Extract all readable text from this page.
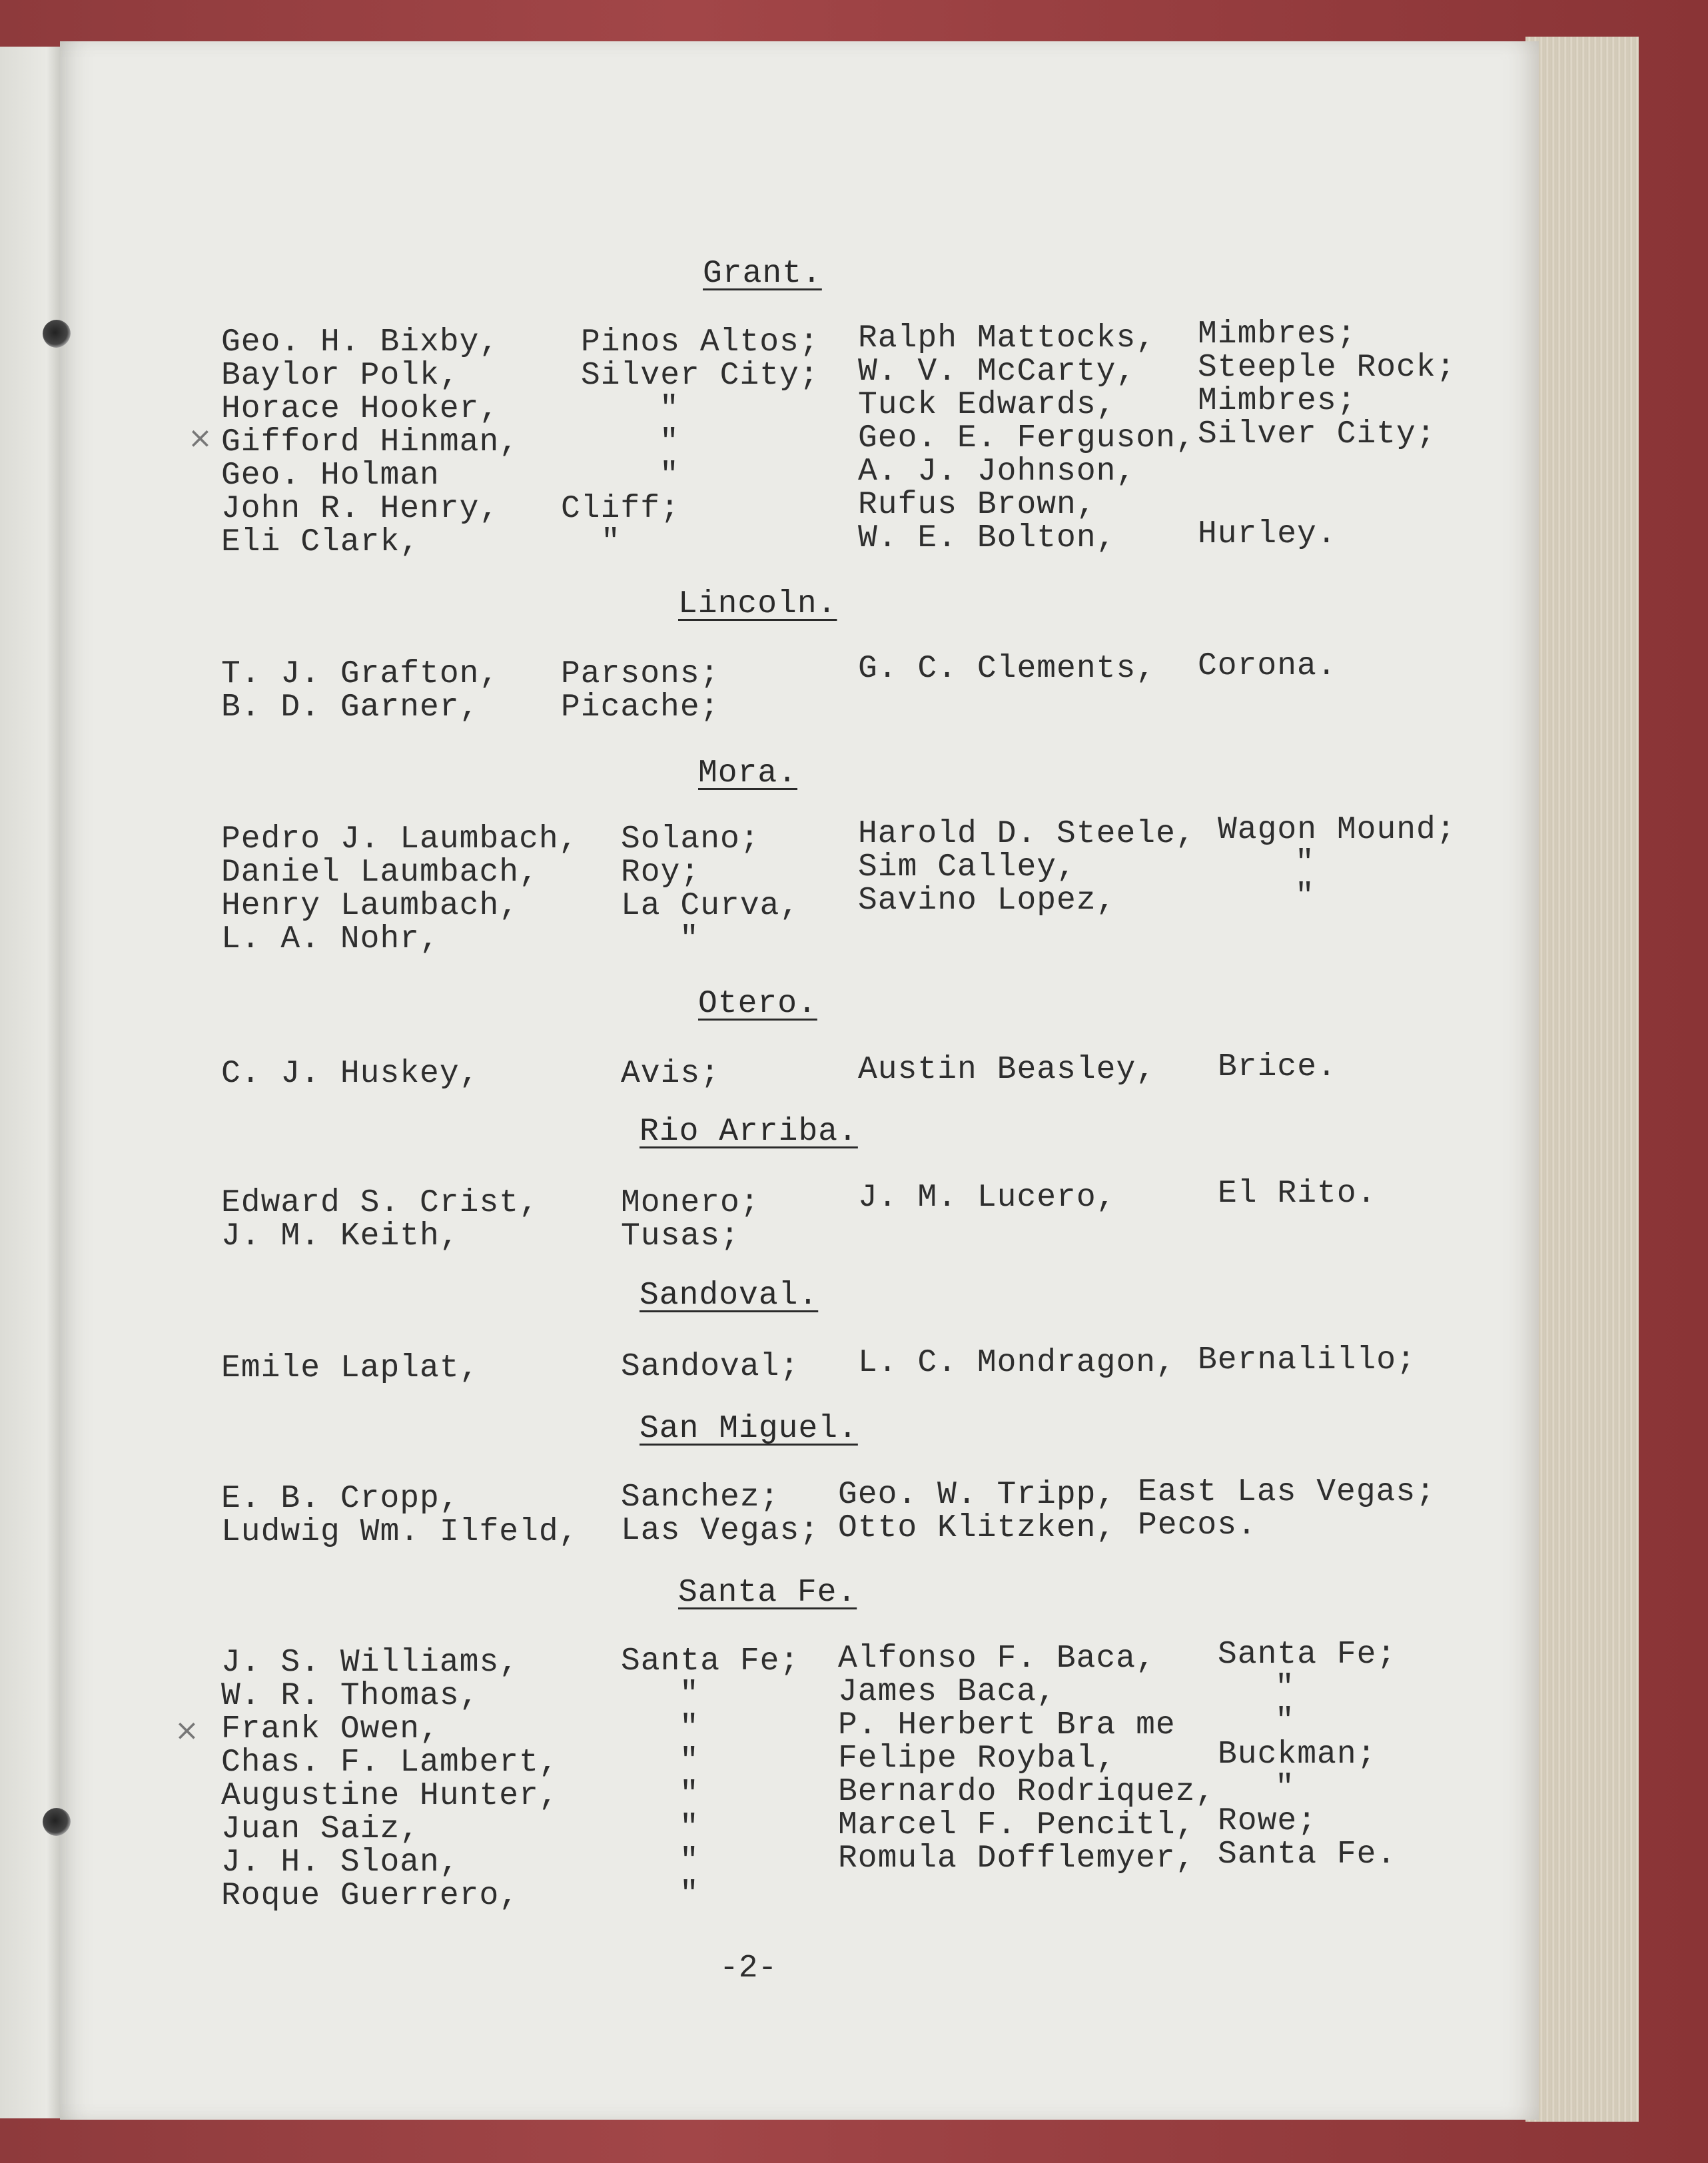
Grant.
Lincoln.
Mora.
Otero.
Rio Arriba.
Sandoval.
San Miguel.
Santa Fe.
×
×
Geo. H. Bixby,	Pinos Altos; Ralph Mattocks, Mimbres;
Baylor Polk,	Silver City; W. V. McCarty, Steeple Rock;
Horace Hooker,	"	Tuck Edwards,	Mimbres;
Gifford Hinman,	"	Geo. E. Ferguson, Silver City;
Geo. Holman	"	A. J. Johnson,
John R. Henry, Cliff;	Rufus Brown,
Eli Clark,	"	W. E. Bolton,	Hurley.
T. J. Grafton, Parsons;	G. C. Clements, Corona.
B. D. Garner,	Picache;
Pedro J. Laumbach, Solano;	Harold D. Steele, Wagon Mound;
Daniel Laumbach,	Roy;	Sim Calley,	"
Henry Laumbach,	La Curva, Savino Lopez,	"
L. A. Nohr,	"
C. J. Huskey,	Avis;	Austin Beasley, Brice.
Edward S. Crist,	Monero;	J. M. Lucero,	El Rito.
J. M. Keith,	Tusas;
Emile Laplat,	Sandoval; L. C. Mondragon, Bernalillo;
E. B. Cropp,	Sanchez; Geo. W. Tripp, East Las Vegas;
Ludwig Wm. Ilfeld, Las Vegas; Otto Klitzken, Pecos.
J. S. Williams,	Santa Fe; Alfonso F. Baca, Santa Fe;
W. R. Thomas,	"	James Baca,	"
Frank Owen,	"	P. Herbert Bra me	"
Chas. F. Lambert,	"	Felipe Roybal,	Buckman;
Augustine Hunter,	"	Bernardo Rodriquez, "
Juan Saiz,	"	Marcel F. Pencitl, Rowe;
J. H. Sloan,	"	Romula Dofflemyer, Santa Fe.
Roque Guerrero,	"
-2-
